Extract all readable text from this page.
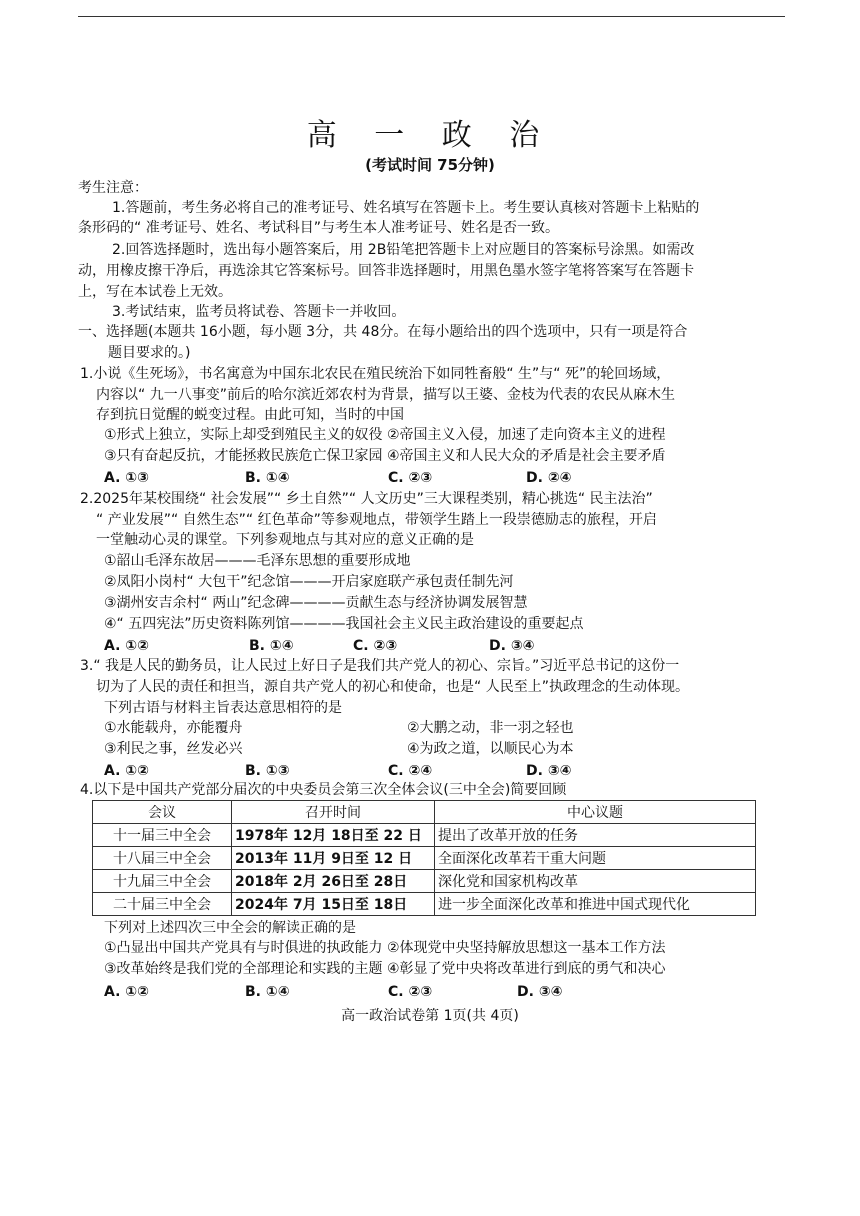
高 一 政 治
(考试时间 75分钟)
考生注意：
1.答题前，考生务必将自己的准考证号、姓名填写在答题卡上。考生要认真核对答题卡上粘贴的
条形码的“ 准考证号、姓名、考试科目”与考生本人准考证号、姓名是否一致。
2.回答选择题时，选出每小题答案后，用 2B铅笔把答题卡上对应题目的答案标号涂黑。如需改
动，用橡皮擦干净后，再选涂其它答案标号。回答非选择题时，用黑色墨水签字笔将答案写在答题卡
上，写在本试卷上无效。
3.考试结束，监考员将试卷、答题卡一并收回。
一、选择题(本题共 16小题，每小题 3分，共 48分。在每小题给出的四个选项中，只有一项是符合
题目要求的。)
1.小说《生死场》，书名寓意为中国东北农民在殖民统治下如同牲畜般“ 生”与“ 死”的轮回场域，
内容以“ 九一八事变”前后的哈尔滨近郊农村为背景，描写以王婆、金枝为代表的农民从麻木生
存到抗日觉醒的蜕变过程。由此可知，当时的中国
①形式上独立，实际上却受到殖民主义的奴役 ②帝国主义入侵，加速了走向资本主义的进程
③只有奋起反抗，才能拯救民族危亡保卫家园 ④帝国主义和人民大众的矛盾是社会主要矛盾
A. ①③	B. ①④	C. ②③	D. ②④
2.2025年某校围绕“ 社会发展”“ 乡土自然”“ 人文历史”三大课程类别，精心挑选“ 民主法治”
“ 产业发展”“ 自然生态”“ 红色革命”等参观地点，带领学生踏上一段崇德励志的旅程，开启
一堂触动心灵的课堂。下列参观地点与其对应的意义正确的是
①韶山毛泽东故居———毛泽东思想的重要形成地
②凤阳小岗村“ 大包干”纪念馆———开启家庭联产承包责任制先河
③湖州安吉余村“ 两山”纪念碑————贡献生态与经济协调发展智慧
④“ 五四宪法”历史资料陈列馆————我国社会主义民主政治建设的重要起点
A. ①②	B. ①④	C. ②③	D. ③④
3.“ 我是人民的勤务员，让人民过上好日子是我们共产党人的初心、宗旨。”习近平总书记的这份一
切为了人民的责任和担当，源自共产党人的初心和使命，也是“ 人民至上”执政理念的生动体现。
下列古语与材料主旨表达意思相符的是
①水能载舟，亦能覆舟	②大鹏之动，非一羽之轻也
③利民之事，丝发必兴	④为政之道，以顺民心为本
A. ①②	B. ①③	C. ②④	D. ③④
4.以下是中国共产党部分届次的中央委员会第三次全体会议(三中全会)简要回顾
会议	召开时间	中心议题
十一届三中全会	1978年 12月 18日至 22 日	提出了改革开放的任务
十八届三中全会	2013年 11月 9日至 12 日	全面深化改革若干重大问题
十九届三中全会	2018年 2月 26日至 28日	深化党和国家机构改革
二十届三中全会	2024年 7月 15日至 18日	进一步全面深化改革和推进中国式现代化
下列对上述四次三中全会的解读正确的是
①凸显出中国共产党具有与时俱进的执政能力 ②体现党中央坚持解放思想这一基本工作方法
③改革始终是我们党的全部理论和实践的主题 ④彰显了党中央将改革进行到底的勇气和决心
A. ①②	B. ①④	C. ②③	D. ③④
高一政治试卷第 1页(共 4页)
